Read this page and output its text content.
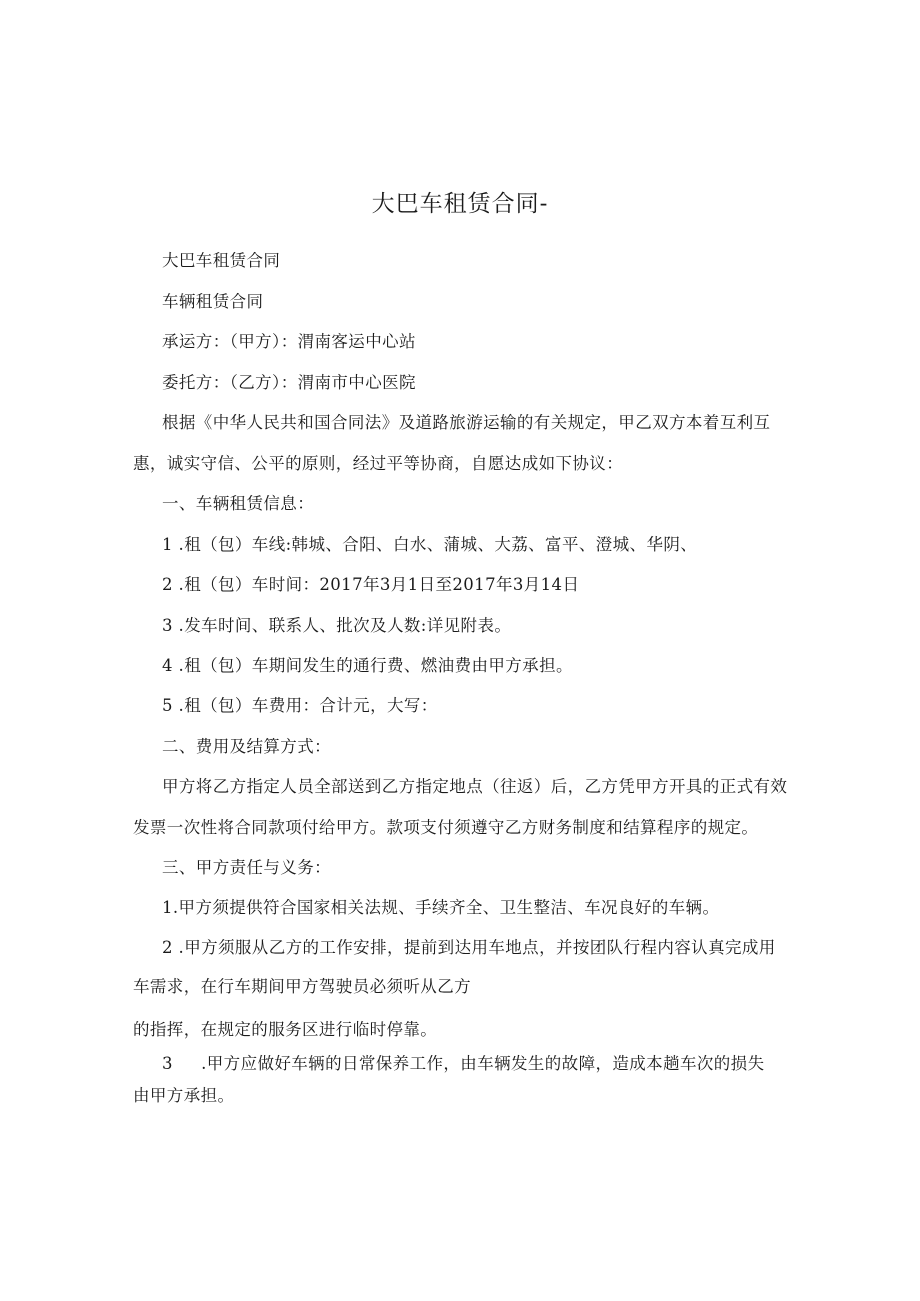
大巴车租赁合同-
大巴车租赁合同
车辆租赁合同
承运方：（甲方）：渭南客运中心站
委托方：（乙方）：渭南市中心医院
根据《中华人民共和国合同法》及道路旅游运输的有关规定，甲乙双方本着互利互
惠，诚实守信、公平的原则，经过平等协商，自愿达成如下协议：
一、车辆租赁信息：
1 .租（包）车线:韩城、合阳、白水、蒲城、大荔、富平、澄城、华阴、
2 .租（包）车时间：2017年3月1日至2017年3月14日
3 .发车时间、联系人、批次及人数:详见附表。
4 .租（包）车期间发生的通行费、燃油费由甲方承担。
5 .租（包）车费用：合计元，大写：
二、费用及结算方式：
甲方将乙方指定人员全部送到乙方指定地点（往返）后，乙方凭甲方开具的正式有效
发票一次性将合同款项付给甲方。款项支付须遵守乙方财务制度和结算程序的规定。
三、甲方责任与义务：
1.甲方须提供符合国家相关法规、手续齐全、卫生整洁、车况良好的车辆。
2 .甲方须服从乙方的工作安排，提前到达用车地点，并按团队行程内容认真完成用
车需求，在行车期间甲方驾驶员必须听从乙方
的指挥，在规定的服务区进行临时停靠。
3     .甲方应做好车辆的日常保养工作，由车辆发生的故障，造成本趟车次的损失
由甲方承担。
